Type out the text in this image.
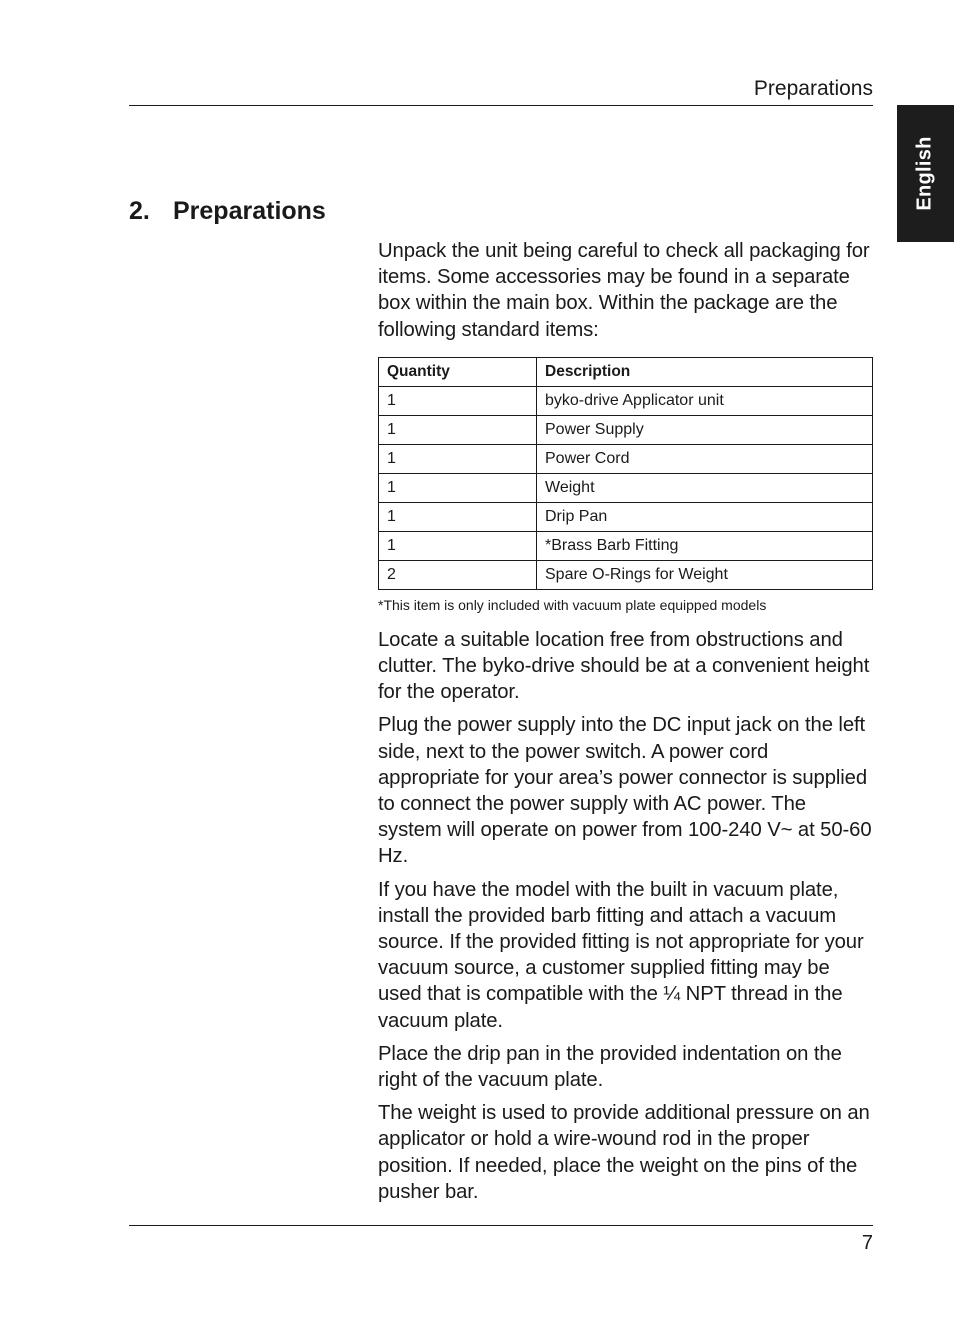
Preparations
English
2. Preparations

Unpack the unit being careful to check all packaging for items. Some accessories may be found in a separate box within the main box. Within the package are the following standard items:

Quantity	Description
1	byko-drive Applicator unit
1	Power Supply
1	Power Cord
1	Weight
1	Drip Pan
1	*Brass Barb Fitting
2	Spare O-Rings for Weight
*This item is only included with vacuum plate equipped models

Locate a suitable location free from obstructions and clutter. The byko-drive should be at a convenient height for the operator.

Plug the power supply into the DC input jack on the left side, next to the power switch. A power cord appropriate for your area’s power connector is supplied to connect the power supply with AC power. The system will operate on power from 100-240 V~ at 50-60 Hz.

If you have the model with the built in vacuum plate, install the provided barb fitting and attach a vacuum source. If the provided fitting is not appropriate for your vacuum source, a customer supplied fitting may be used that is compatible with the ¼ NPT thread in the vacuum plate.

Place the drip pan in the provided indentation on the right of the vacuum plate.

The weight is used to provide additional pressure on an applicator or hold a wire-wound rod in the proper position. If needed, place the weight on the pins of the pusher bar.

7
